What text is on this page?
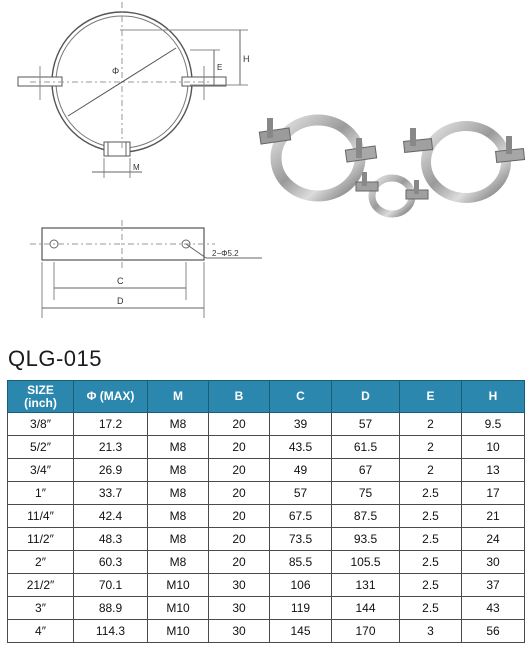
Φ
H
E
M
C
D
2−Φ5.2
QLG-015
SIZE
(inch)	Φ (MAX)	M	B	C	D	E	H
3/8″	17.2	M8	20	39	57	2	9.5
5/2″	21.3	M8	20	43.5	61.5	2	10
3/4″	26.9	M8	20	49	67	2	13
1″	33.7	M8	20	57	75	2.5	17
11/4″	42.4	M8	20	67.5	87.5	2.5	21
11/2″	48.3	M8	20	73.5	93.5	2.5	24
2″	60.3	M8	20	85.5	105.5	2.5	30
21/2″	70.1	M10	30	106	131	2.5	37
3″	88.9	M10	30	119	144	2.5	43
4″	114.3	M10	30	145	170	3	56
